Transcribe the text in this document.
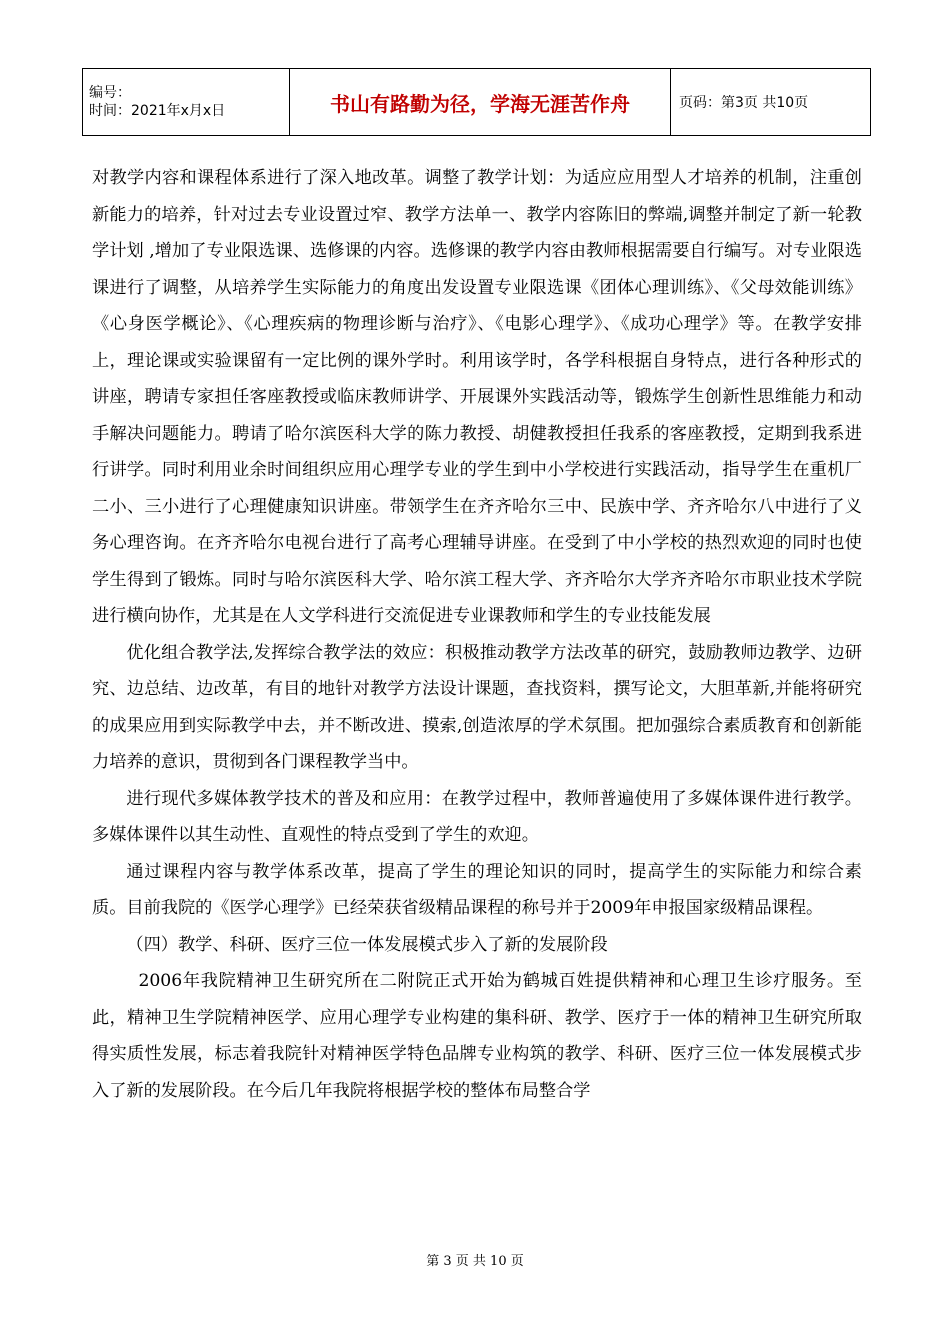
编号：
时间：2021年x月x日	书山有路勤为径，学海无涯苦作舟	页码：第3页 共10页

对教学内容和课程体系进行了深入地改革。调整了教学计划：为适应应用型人才培养的机制，注重创新能力的培养，针对过去专业设置过窄、教学方法单一、教学内容陈旧的弊端,调整并制定了新一轮教学计划 ,增加了专业限选课、选修课的内容。选修课的教学内容由教师根据需要自行编写。对专业限选课进行了调整，从培养学生实际能力的角度出发设置专业限选课《团体心理训练》、《父母效能训练》《心身医学概论》、《心理疾病的物理诊断与治疗》、《电影心理学》、《成功心理学》等。在教学安排上，理论课或实验课留有一定比例的课外学时。利用该学时，各学科根据自身特点，进行各种形式的讲座，聘请专家担任客座教授或临床教师讲学、开展课外实践活动等，锻炼学生创新性思维能力和动手解决问题能力。聘请了哈尔滨医科大学的陈力教授、胡健教授担任我系的客座教授，定期到我系进行讲学。同时利用业余时间组织应用心理学专业的学生到中小学校进行实践活动，指导学生在重机厂二小、三小进行了心理健康知识讲座。带领学生在齐齐哈尔三中、民族中学、齐齐哈尔八中进行了义务心理咨询。在齐齐哈尔电视台进行了高考心理辅导讲座。在受到了中小学校的热烈欢迎的同时也使学生得到了锻炼。同时与哈尔滨医科大学、哈尔滨工程大学、齐齐哈尔大学齐齐哈尔市职业技术学院进行横向协作，尤其是在人文学科进行交流促进专业课教师和学生的专业技能发展

优化组合教学法,发挥综合教学法的效应：积极推动教学方法改革的研究，鼓励教师边教学、边研究、边总结、边改革，有目的地针对教学方法设计课题，查找资料，撰写论文，大胆革新,并能将研究的成果应用到实际教学中去，并不断改进、摸索,创造浓厚的学术氛围。把加强综合素质教育和创新能力培养的意识，贯彻到各门课程教学当中。

进行现代多媒体教学技术的普及和应用：在教学过程中，教师普遍使用了多媒体课件进行教学。多媒体课件以其生动性、直观性的特点受到了学生的欢迎。

通过课程内容与教学体系改革，提高了学生的理论知识的同时，提高学生的实际能力和综合素质。目前我院的《医学心理学》已经荣获省级精品课程的称号并于2009年申报国家级精品课程。

（四）教学、科研、医疗三位一体发展模式步入了新的发展阶段

2006年我院精神卫生研究所在二附院正式开始为鹤城百姓提供精神和心理卫生诊疗服务。至此，精神卫生学院精神医学、应用心理学专业构建的集科研、教学、医疗于一体的精神卫生研究所取得实质性发展，标志着我院针对精神医学特色品牌专业构筑的教学、科研、医疗三位一体发展模式步入了新的发展阶段。在今后几年我院将根据学校的整体布局整合学

第 3 页 共 10 页
